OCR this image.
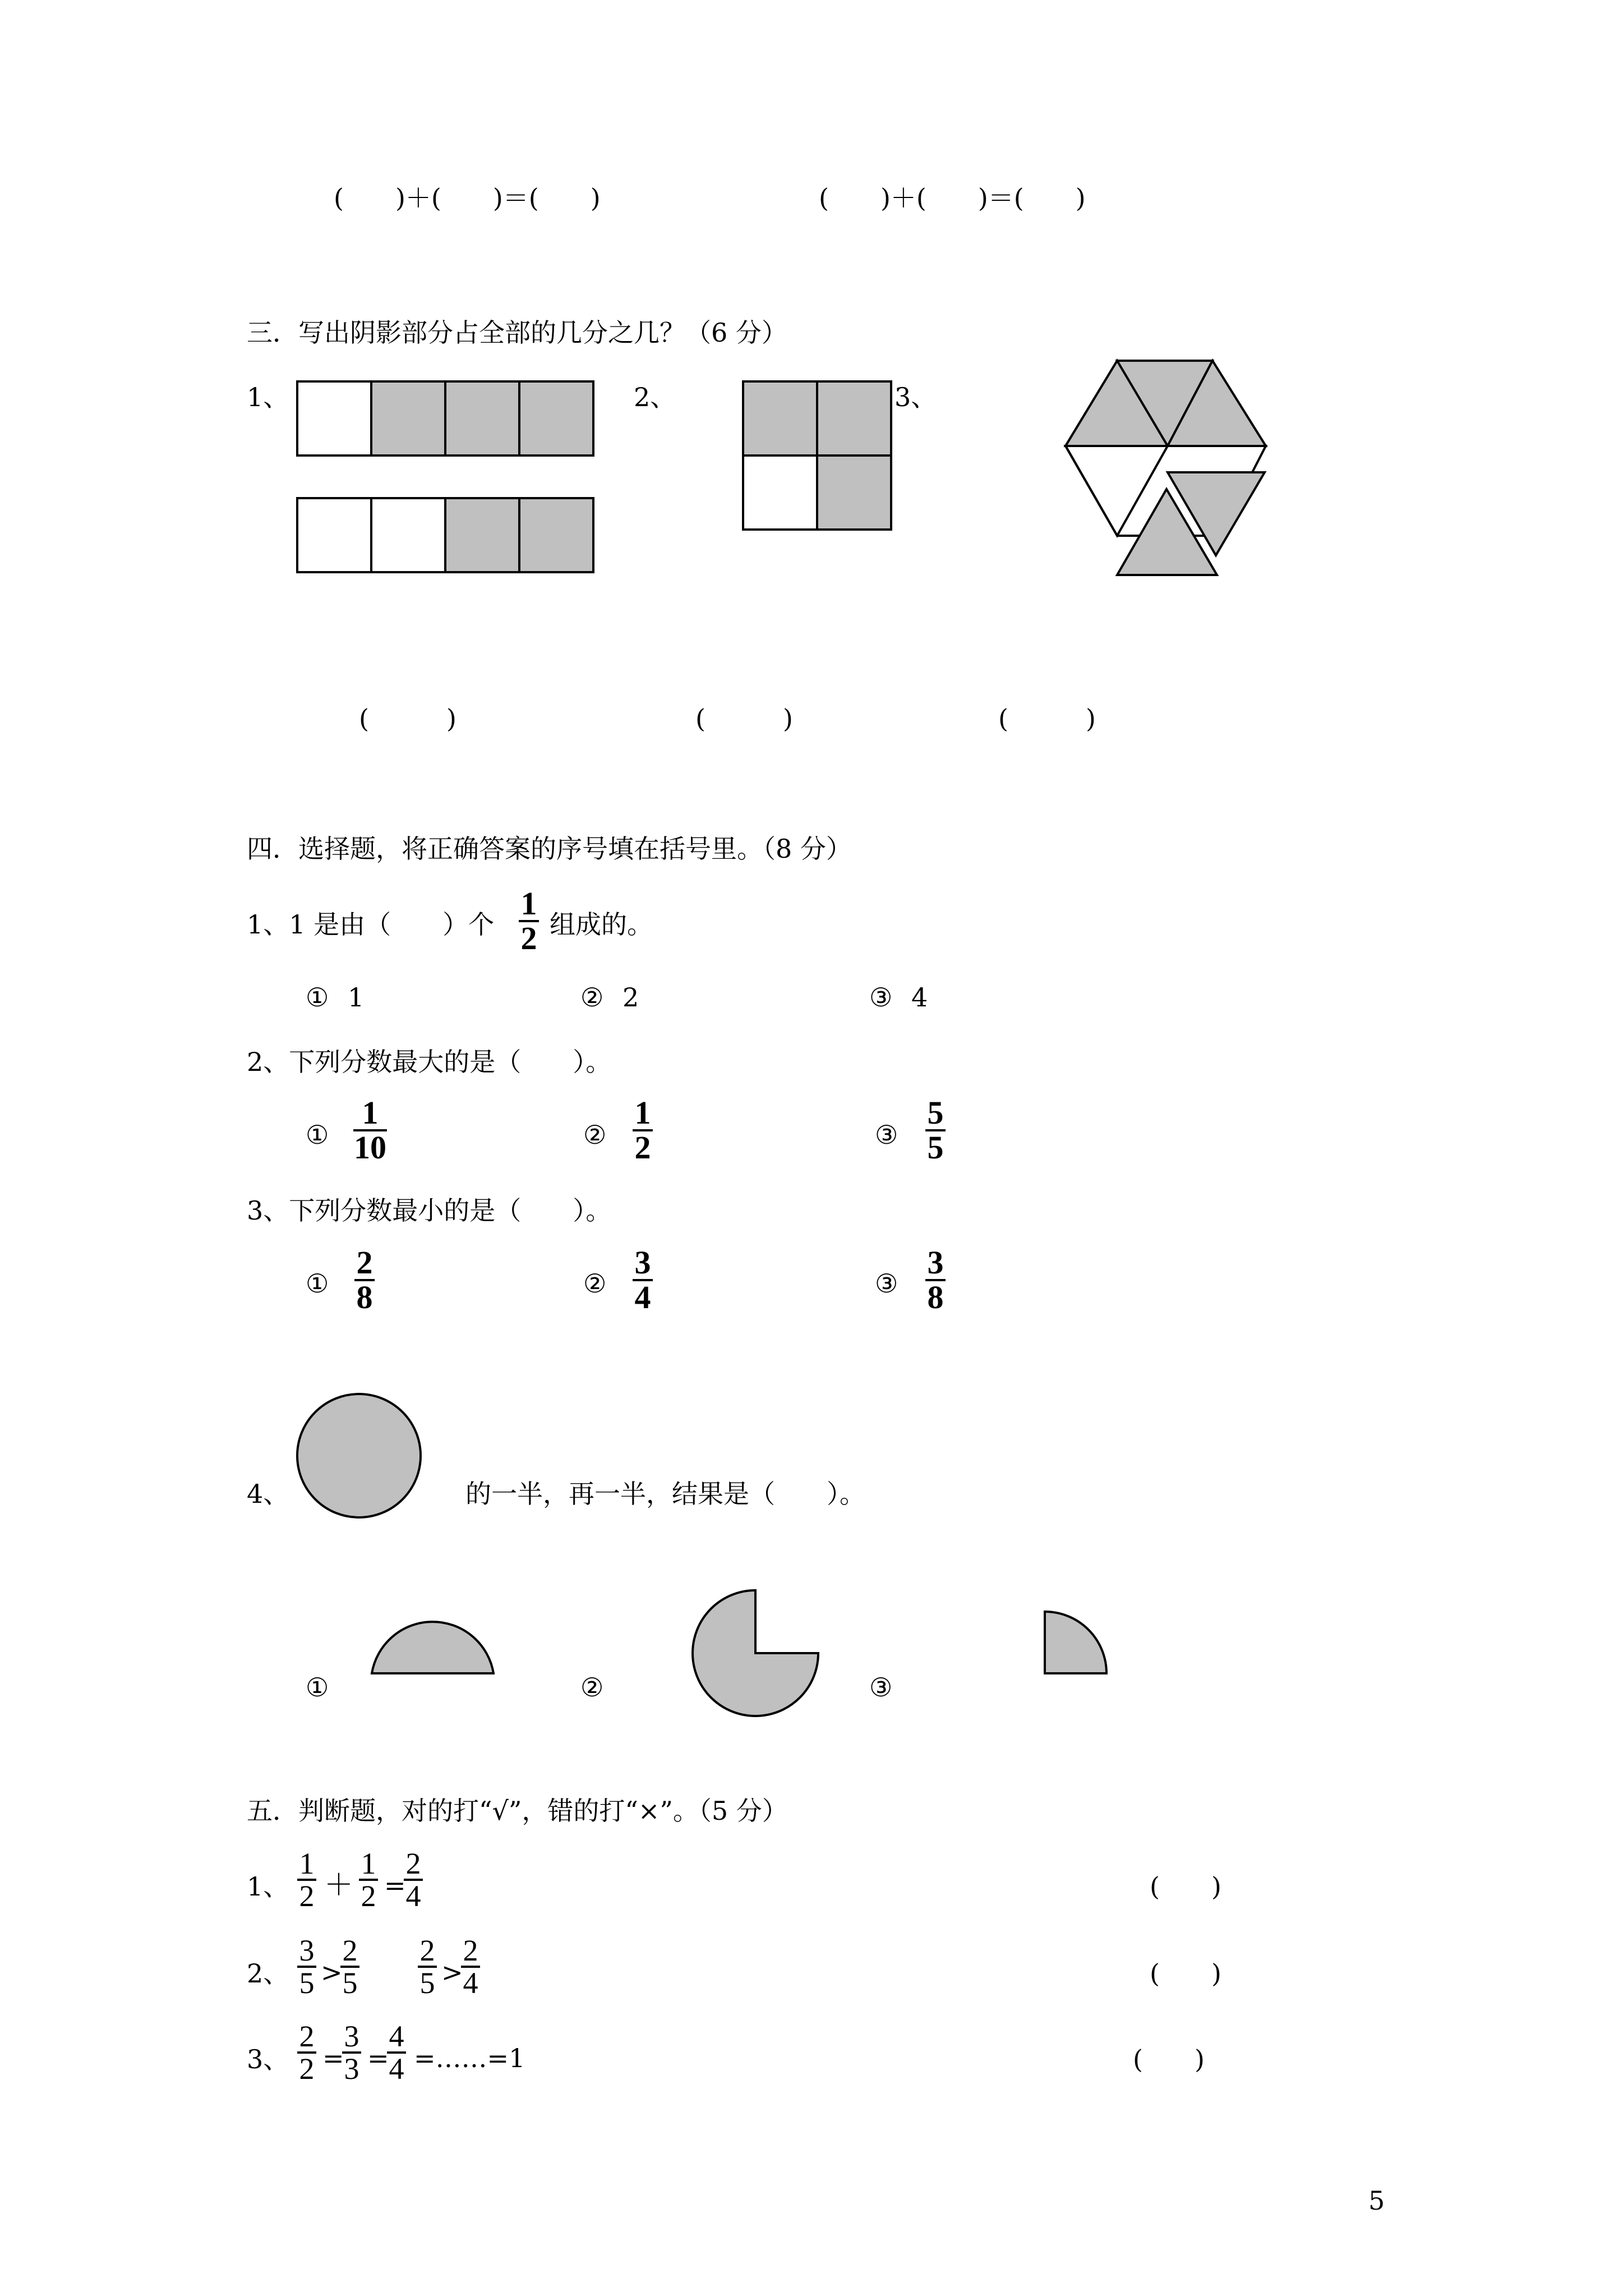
(　　)＋(　　)＝(　　)	(　　)＋(　　)＝(　　)
三．写出阴影部分占全部的几分之几？（6 分）
1、	2、	3、
(　　　)	(　　　)	(　　　)
四．选择题，将正确答案的序号填在括号里。（8 分）
1、1 是由（　　）个
1
2 组成的。
① 1	② 2	③ 4
2、下列分数最大的是（　　）。
①
1
10	②
1
2	③
5
5
3、下列分数最小的是（　　）。
①
2
8	②
3
4	③
3
8
4、	的一半，再一半，结果是（　　）。
①	②	③
五．判断题，对的打“√”，错的打“×”。（5 分）
1、
1
2 ＋
1
2 =
2
4	(　　)
2、
3
5 >
2
5
2
5 >
2
4	(　　)
3、
2
2 =
3
3 =
4
4 =……=1	(　　)
5
